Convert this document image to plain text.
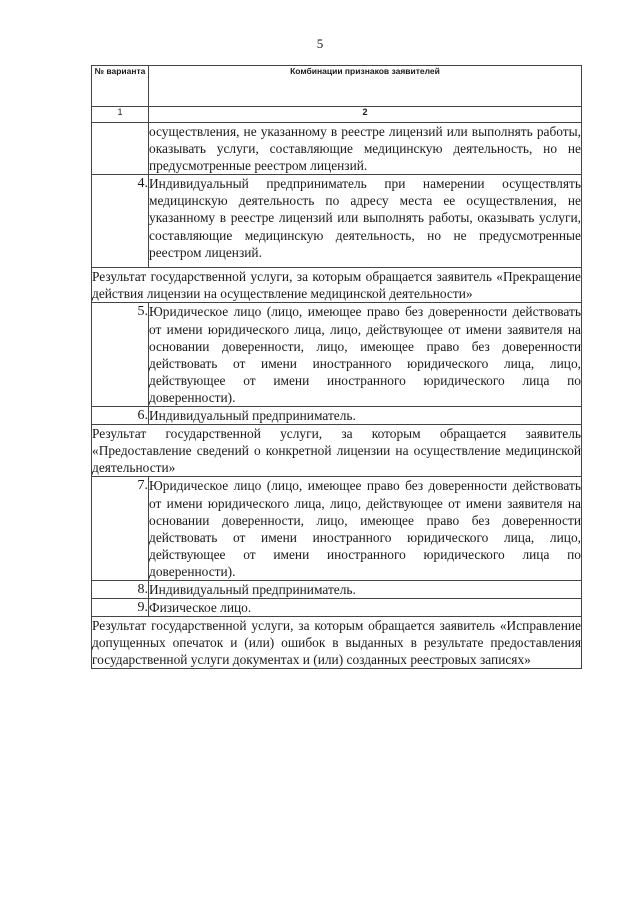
5
№ варианта	Комбинации признаков заявителей
1	2
	осуществления, не указанному в реестре лицензий или выполнять работы, оказывать услуги, составляющие медицинскую деятельность, но не предусмотренные реестром лицензий.
4.	Индивидуальный предприниматель при намерении осуществлять медицинскую деятельность по адресу места ее осуществления, не указанному в реестре лицензий или выполнять работы, оказывать услуги, составляющие медицинскую деятельность, но не предусмотренные реестром лицензий.
Результат государственной услуги, за которым обращается заявитель «Прекращение действия лицензии на осуществление медицинской деятельности»	
5.	Юридическое лицо (лицо, имеющее право без доверенности действовать от имени юридического лица, лицо, действующее от имени заявителя на основании доверенности, лицо, имеющее право без доверенности действовать от имени иностранного юридического лица, лицо, действующее от имени иностранного юридического лица по доверенности).
6.	Индивидуальный предприниматель.
Результат государственной услуги, за которым обращается заявитель «Предоставление сведений о конкретной лицензии на осуществление медицинской деятельности»	
7.	Юридическое лицо (лицо, имеющее право без доверенности действовать от имени юридического лица, лицо, действующее от имени заявителя на основании доверенности, лицо, имеющее право без доверенности действовать от имени иностранного юридического лица, лицо, действующее от имени иностранного юридического лица по доверенности).
8.	Индивидуальный предприниматель.
9.	Физическое лицо.
Результат государственной услуги, за которым обращается заявитель «Исправление допущенных опечаток и (или) ошибок в выданных в результате предоставления государственной услуги документах и (или) созданных реестровых записях»	
